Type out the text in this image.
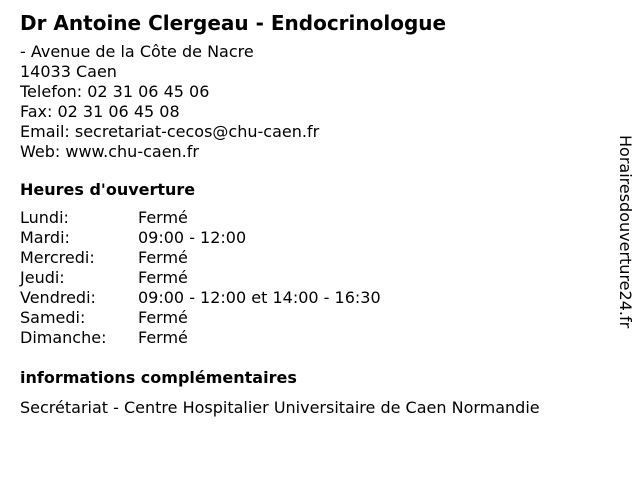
Dr Antoine Clergeau - Endocrinologue
- Avenue de la Côte de Nacre
14033 Caen
Telefon: 02 31 06 45 06
Fax: 02 31 06 45 08
Email: secretariat-cecos@chu-caen.fr
Web: www.chu-caen.fr
Heures d'ouverture
Lundi:	Fermé
Mardi:	09:00 - 12:00
Mercredi:	Fermé
Jeudi:	Fermé
Vendredi:	09:00 - 12:00 et 14:00 - 16:30
Samedi:	Fermé
Dimanche:	Fermé
informations complémentaires
Secrétariat - Centre Hospitalier Universitaire de Caen Normandie
Horairesdouverture24.fr
